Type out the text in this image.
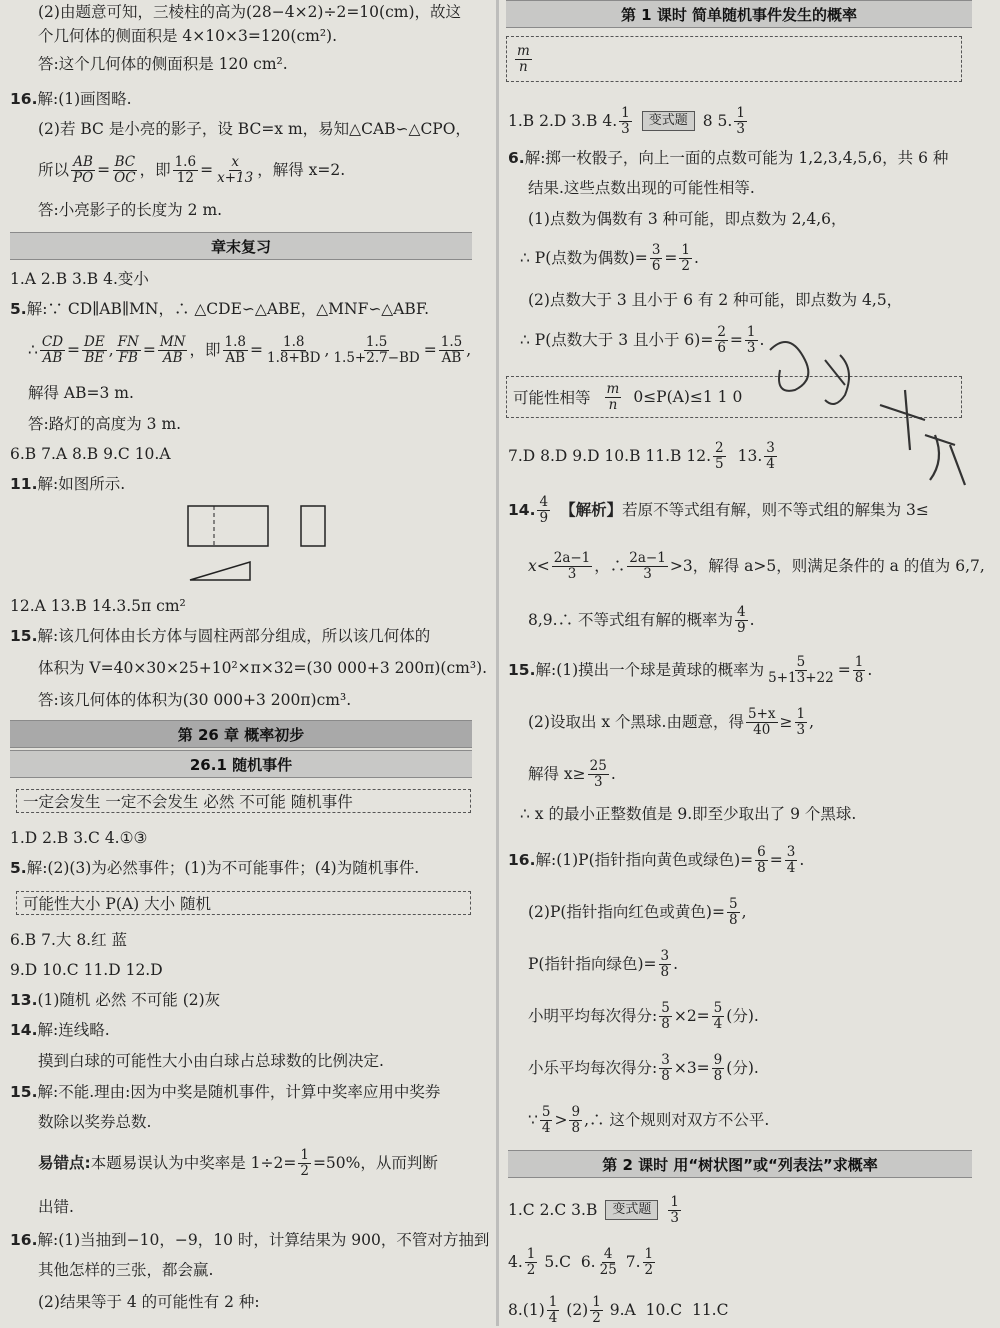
(2)由题意可知，三棱柱的高为(28−4×2)÷2=10(cm)，故这
个几何体的侧面积是 4×10×3=120(cm²).
答:这个几何体的侧面积是 120 cm².
16. 解:(1)画图略.
(2)若 BC 是小亮的影子，设 BC=x m，易知△CAB∽△CPO，
所以 $\frac{AB}{PO} = \frac{BC}{OC}$ ，即 $\frac{1.6}{12} = \frac{x}{x+13}$ ，解得 x=2.
答:小亮影子的长度为 2 m.
章末复习
1.A 2.B 3.B 4.变小
5. 解:∵ CD∥AB∥MN，∴ △CDE∽△ABE，△MNF∽△ABF.
∴ $\frac{CD}{AB} = \frac{DE}{BE}$ , $\frac{FN}{FB} = \frac{MN}{AB}$ ，即 $\frac{1.8}{AB} = \frac{1.8}{1.8+BD}$ , $\frac{1.5}{1.5+2.7-BD} = \frac{1.5}{AB}$ ,
解得 AB=3 m.
答:路灯的高度为 3 m.
6.B 7.A 8.B 9.C 10.A
11. 解:如图所示.
12.A 13.B 14.3.5π cm²
15. 解:该几何体由长方体与圆柱两部分组成，所以该几何体的
体积为 V=40×30×25+10²×π×32=(30 000+3 200π)(cm³).
答:该几何体的体积为(30 000+3 200π)cm³.
第 26 章 概率初步
26.1 随机事件
一定会发生 一定不会发生 必然 不可能 随机事件
1.D 2.B 3.C 4.①③
5. 解:(2)(3)为必然事件；(1)为不可能事件；(4)为随机事件.
可能性大小 P(A) 大小 随机
6.B 7.大 8.红 蓝
9.D 10.C 11.D 12.D
13. (1)随机 必然 不可能 (2)灰
14. 解:连线略.
摸到白球的可能性大小由白球占总球数的比例决定.
15. 解:不能.理由:因为中奖是随机事件，计算中奖率应用中奖券
数除以奖券总数.
易错点: 本题易误认为中奖率是 $1\div 2= \frac{1}{2} =50\%$，从而判断
出错.
16. 解:(1)当抽到−10，−9，10 时，计算结果为 900，不管对方抽到
其他怎样的三张，都会赢.
(2)结果等于 4 的可能性有 2 种:
第 1 课时 简单随机事件发生的概率
$\frac{m}{n}$
1.B 2.D 3.B 4. $\frac{1}{3}$	变式题 8 5. $\frac{1}{3}$
6. 解:掷一枚骰子，向上一面的点数可能为 1,2,3,4,5,6，共 6 种
结果.这些点数出现的可能性相等.
(1)点数为偶数有 3 种可能，即点数为 2,4,6，
∴ P(点数为偶数)= $\frac{3}{6} = \frac{1}{2}$ .
(2)点数大于 3 且小于 6 有 2 种可能，即点数为 4,5，
∴ P(点数大于 3 且小于 $6)= \frac{2}{6} = \frac{1}{3}$ .
可能性相等 $\frac{m}{n} 0\le P(A)\le 1$ 1 0
7.D 8.D 9.D 10.B 11.B 12. $\frac{2}{5} 13$. $\frac{3}{4}$
14. $\frac{4}{9}$ 【解析】 若原不等式组有解，则不等式组的解集为 3≤
$x< \frac{2a-1}{3}$ ，∴ $\frac{2a-1}{3} >3$，解得 a>5，则满足条件的 a 的值为 6,7,
8,9.∴ 不等式组有解的概率为 $\frac{4}{9}$ .
15. 解:(1)摸出一个球是黄球的概率为 $\frac{5}{5+13+22} = \frac{1}{8}$ .
(2)设取出 x 个黑球.由题意，得 $\frac{5+x}{40} \ge \frac{1}{3}$ ,
解得 $x\ge \frac{25}{3}$ .
∴ x 的最小正整数值是 9.即至少取出了 9 个黑球.
16. 解:(1)P(指针指向黄色或绿色)= $\frac{6}{8} = \frac{3}{4}$ .
(2)P(指针指向红色或黄色)= $\frac{5}{8}$ ,
P(指针指向绿色)= $\frac{3}{8}$ .
小明平均每次得分: $\frac{5}{8} \times 2= \frac{5}{4}$ (分).
小乐平均每次得分: $\frac{3}{8} \times 3= \frac{9}{8}$ (分).
∵ $\frac{5}{4} > \frac{9}{8}$ , ∴ 这个规则对双方不公平.
第 2 课时 用“树状图”或“列表法”求概率
1.C 2.C 3.B	变式题	$\frac{1}{3}$
4. $\frac{1}{2} 5.C$  6. $\frac{4}{25} 7$. $\frac{1}{2}$
$8.(1) \frac{1}{4} (2) \frac{1}{2} 9.A$  10.C  11.C
